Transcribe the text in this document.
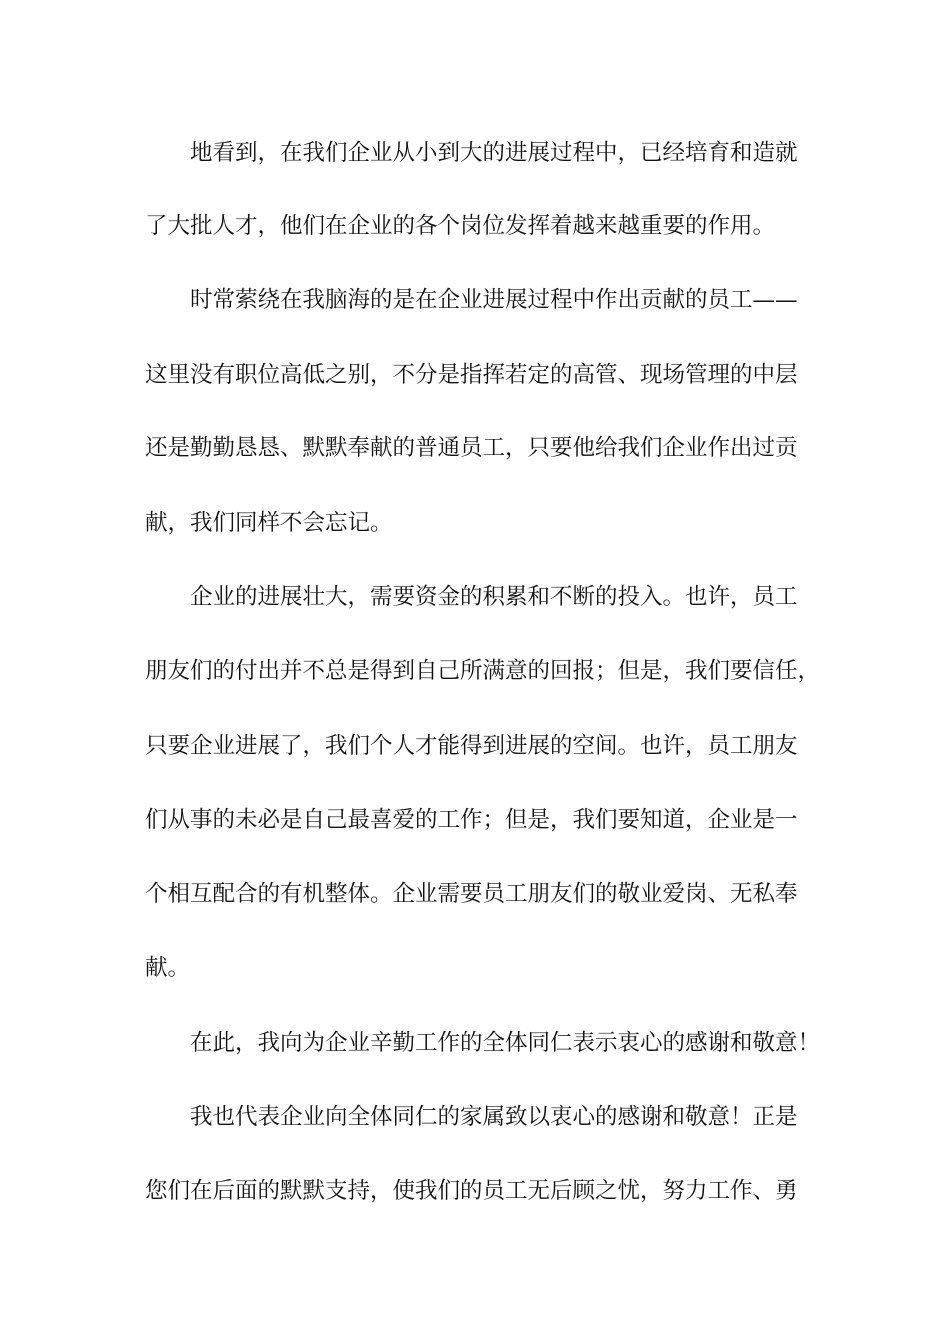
地看到，在我们企业从小到大的进展过程中，已经培育和造就
了大批人才，他们在企业的各个岗位发挥着越来越重要的作用。
时常萦绕在我脑海的是在企业进展过程中作出贡献的员工——
这里没有职位高低之别，不分是指挥若定的高管、现场管理的中层
还是勤勤恳恳、默默奉献的普通员工，只要他给我们企业作出过贡
献，我们同样不会忘记。
企业的进展壮大，需要资金的积累和不断的投入。也许，员工
朋友们的付出并不总是得到自己所满意的回报；但是，我们要信任，
只要企业进展了，我们个人才能得到进展的空间。也许，员工朋友
们从事的未必是自己最喜爱的工作；但是，我们要知道，企业是一
个相互配合的有机整体。企业需要员工朋友们的敬业爱岗、无私奉
献。
在此，我向为企业辛勤工作的全体同仁表示衷心的感谢和敬意！
我也代表企业向全体同仁的家属致以衷心的感谢和敬意！正是
您们在后面的默默支持，使我们的员工无后顾之忧，努力工作、勇
